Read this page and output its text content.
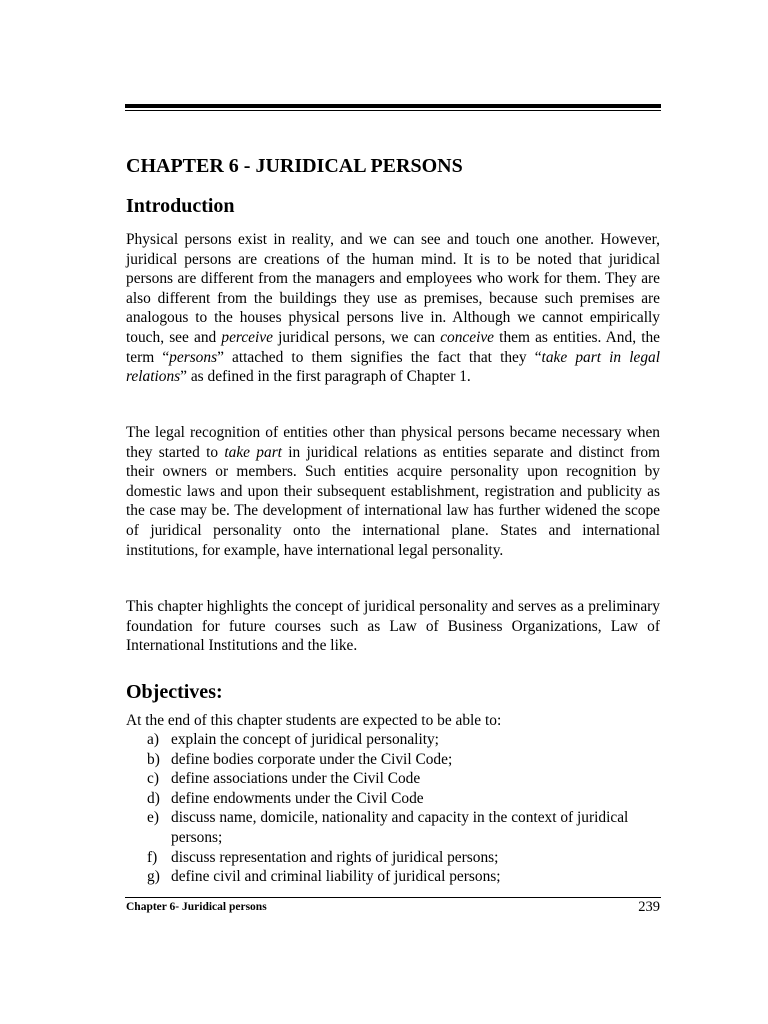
CHAPTER 6 - JURIDICAL PERSONS
Introduction

Physical persons exist in reality, and we can see and touch one another. However, juridical persons are creations of the human mind. It is to be noted that juridical persons are different from the managers and employees who work for them. They are also different from the buildings they use as premises, because such premises are analogous to the houses physical persons live in. Although we cannot empirically touch, see and perceive juridical persons, we can conceive them as entities. And, the term “persons” attached to them signifies the fact that they “take part in legal relations” as defined in the first paragraph of Chapter 1.

The legal recognition of entities other than physical persons became necessary when they started to take part in juridical relations as entities separate and distinct from their owners or members. Such entities acquire personality upon recognition by domestic laws and upon their subsequent establishment, registration and publicity as the case may be. The development of international law has further widened the scope of juridical personality onto the international plane. States and international institutions, for example, have international legal personality.

This chapter highlights the concept of juridical personality and serves as a preliminary foundation for future courses such as Law of Business Organizations, Law of International Institutions and the like.

Objectives:

At the end of this chapter students are expected to be able to:

a) explain the concept of juridical personality;
b) define bodies corporate under the Civil Code;
c) define associations under the Civil Code
d) define endowments under the Civil Code
e) discuss name, domicile, nationality and capacity in the context of juridical persons;
f) discuss representation and rights of juridical persons;
g) define civil and criminal liability of juridical persons;

Chapter 6- Juridical persons	239
